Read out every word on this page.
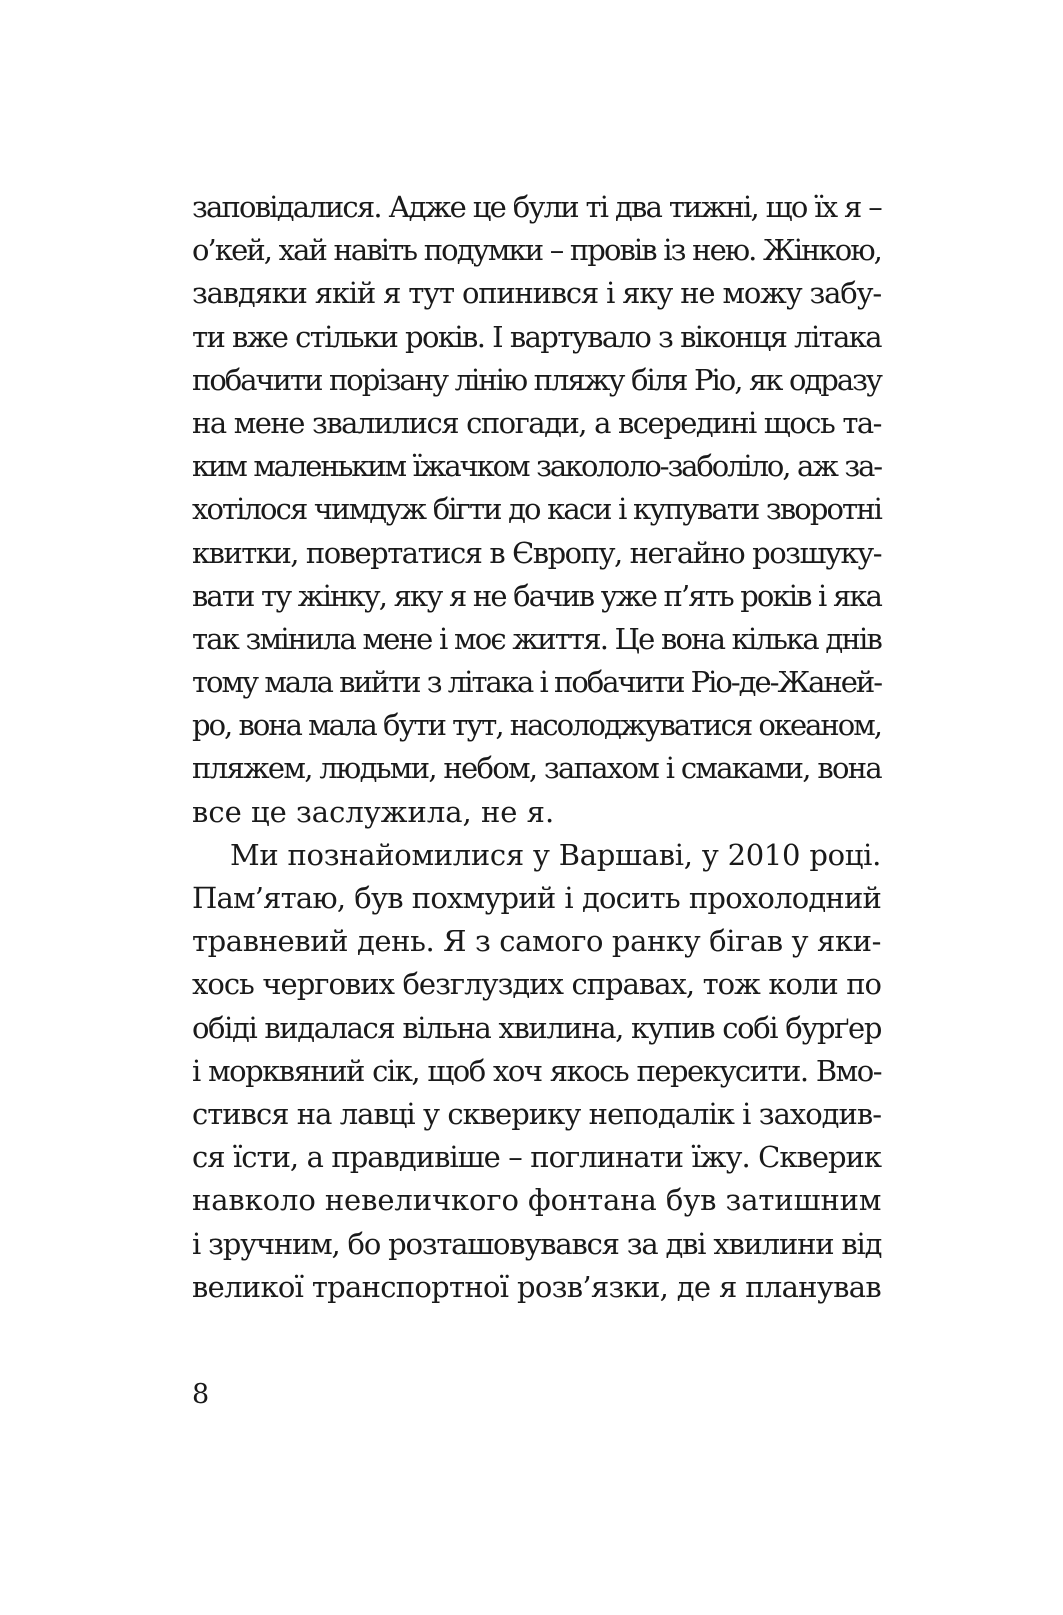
заповідалися. Адже це були ті два тижні, що їх я –
о’кей, хай навіть подумки – провів із нею. Жінкою,
завдяки якій я тут опинився і яку не можу забу-
ти вже стільки років. І вартувало з віконця літака
побачити порізану лінію пляжу біля Ріо, як одразу
на мене звалилися спогади, а всередині щось та-
ким маленьким їжачком закололо-заболіло, аж за-
хотілося чимдуж бігти до каси і купувати зворотні
квитки, повертатися в Європу, негайно розшуку-
вати ту жінку, яку я не бачив уже п’ять років і яка
так змінила мене і моє життя. Це вона кілька днів
тому мала вийти з літака і побачити Ріо-де-Жаней-
ро, вона мала бути тут, насолоджуватися океаном,
пляжем, людьми, небом, запахом і смаками, вона
все це заслужила, не я.

Ми познайомилися у Варшаві, у 2010 році.
Пам’ятаю, був похмурий і досить прохолодний
травневий день. Я з самого ранку бігав у яки-
хось чергових безглуздих справах, тож коли по
обіді видалася вільна хвилина, купив собі бурґер
і морквяний сік, щоб хоч якось перекусити. Вмо-
стився на лавці у скверику неподалік і заходив-
ся їсти, а правдивіше – поглинати їжу. Скверик
навколо невеличкого фонтана був затишним
і зручним, бо розташовувався за дві хвилини від
великої транспортної розв’язки, де я планував

8
